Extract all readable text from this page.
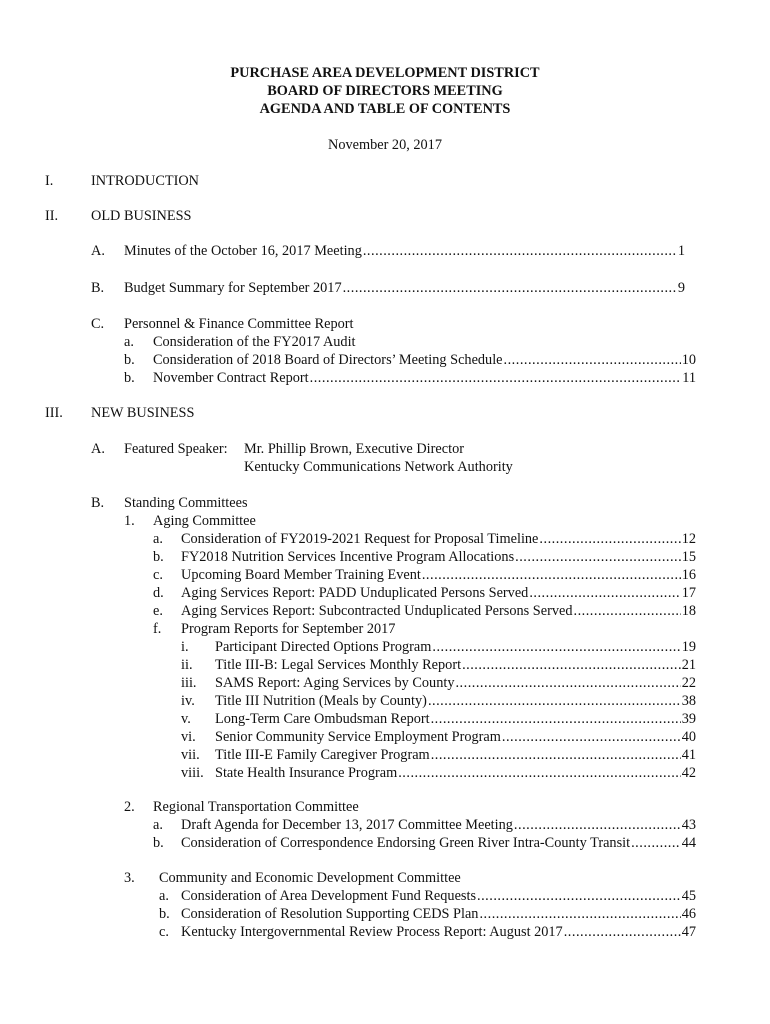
PURCHASE AREA DEVELOPMENT DISTRICT
BOARD OF DIRECTORS MEETING
AGENDA AND TABLE OF CONTENTS
November 20, 2017
I.	INTRODUCTION
II. OLD BUSINESS
A. Minutes of the October 16, 2017 Meeting .....	1
B. Budget Summary for September 2017 .....	9
C. Personnel & Finance Committee Report
a. Consideration of the FY2017 Audit
b. Consideration of 2018 Board of Directors’ Meeting Schedule .....	10
b. November Contract Report .....	11
III. NEW BUSINESS
A. Featured Speaker: Mr. Phillip Brown, Executive Director
Kentucky Communications Network Authority
B. Standing Committees
1. Aging Committee
a. Consideration of FY2019-2021 Request for Proposal Timeline .....	12
b. FY2018 Nutrition Services Incentive Program Allocations .....	15
c. Upcoming Board Member Training Event .....	16
d. Aging Services Report: PADD Unduplicated Persons Served .....	17
e. Aging Services Report: Subcontracted Unduplicated Persons Served .....	18
f. Program Reports for September 2017
i. Participant Directed Options Program .....	19
ii. Title III-B: Legal Services Monthly Report .....	21
iii. SAMS Report: Aging Services by County .....	22
iv. Title III Nutrition (Meals by County) .....	38
v. Long-Term Care Ombudsman Report .....	39
vi. Senior Community Service Employment Program .....	40
vii. Title III-E Family Caregiver Program .....	41
viii. State Health Insurance Program .....	42
2. Regional Transportation Committee
a. Draft Agenda for December 13, 2017 Committee Meeting .....	43
b. Consideration of Correspondence Endorsing Green River Intra-County Transit .....	44
3. Community and Economic Development Committee
a. Consideration of Area Development Fund Requests .....	45
b. Consideration of Resolution Supporting CEDS Plan .....	46
c. Kentucky Intergovernmental Review Process Report: August 2017 .....	47
